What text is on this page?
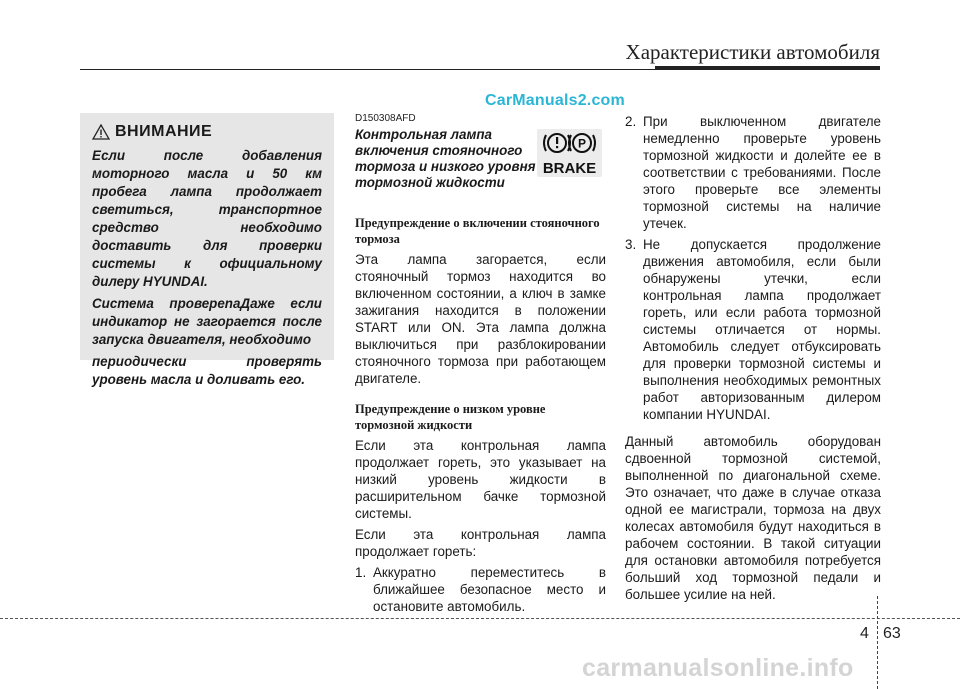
Характеристики автомобиля
CarManuals2.com
ВНИМАНИЕ

Если после добавления моторного масла и 50 км пробега лампа продолжает светиться, транспортное средство необходимо доставить для проверки системы к официальному дилеру HYUNDAI.

Система провереnaДаже если индикатор не загорается после запуска двигателя, необходимо

периодически проверять уровень масла и доливать его.

D150308AFD

Контрольная лампа включения стояночного тормоза и низкого уровня тормозной жидкости

P
BRAKE
Предупреждение о включении стояночного тормоза

Эта лампа загорается, если стояночный тормоз находится во включенном состоянии, а ключ в замке зажигания находится в положении START или ON. Эта лампа должна выключиться при разблокировании стояночного тормоза при работающем двигателе.

Предупреждение о низком уровне тормозной жидкости

Если эта контрольная лампа продолжает гореть, это указывает на низкий уровень жидкости в расширительном бачке тормозной системы.

Если эта контрольная лампа продолжает гореть:

1. Аккуратно переместитесь в ближайшее безопасное место и остановите автомобиль.
2. При выключенном двигателе немедленно проверьте уровень тормозной жидкости и долейте ее в соответствии с требованиями. После этого проверьте все элементы тормозной системы на наличие утечек.
3. Не допускается продолжение движения автомобиля, если были обнаружены утечки, если контрольная лампа продолжает гореть, или если работа тормозной системы отличается от нормы. Автомобиль следует отбуксировать для проверки тормозной системы и выполнения необходимых ремонтных работ авторизованным дилером компании HYUNDAI.

Данный автомобиль оборудован сдвоенной тормозной системой, выполненной по диагональной схеме. Это означает, что даже в случае отказа одной ее магистрали, тормоза на двух колесах автомобиля будут находиться в рабочем состоянии. В такой ситуации для остановки автомобиля потребуется больший ход тормозной педали и большее усилие на ней.

4 63
carmanualsonline.info
